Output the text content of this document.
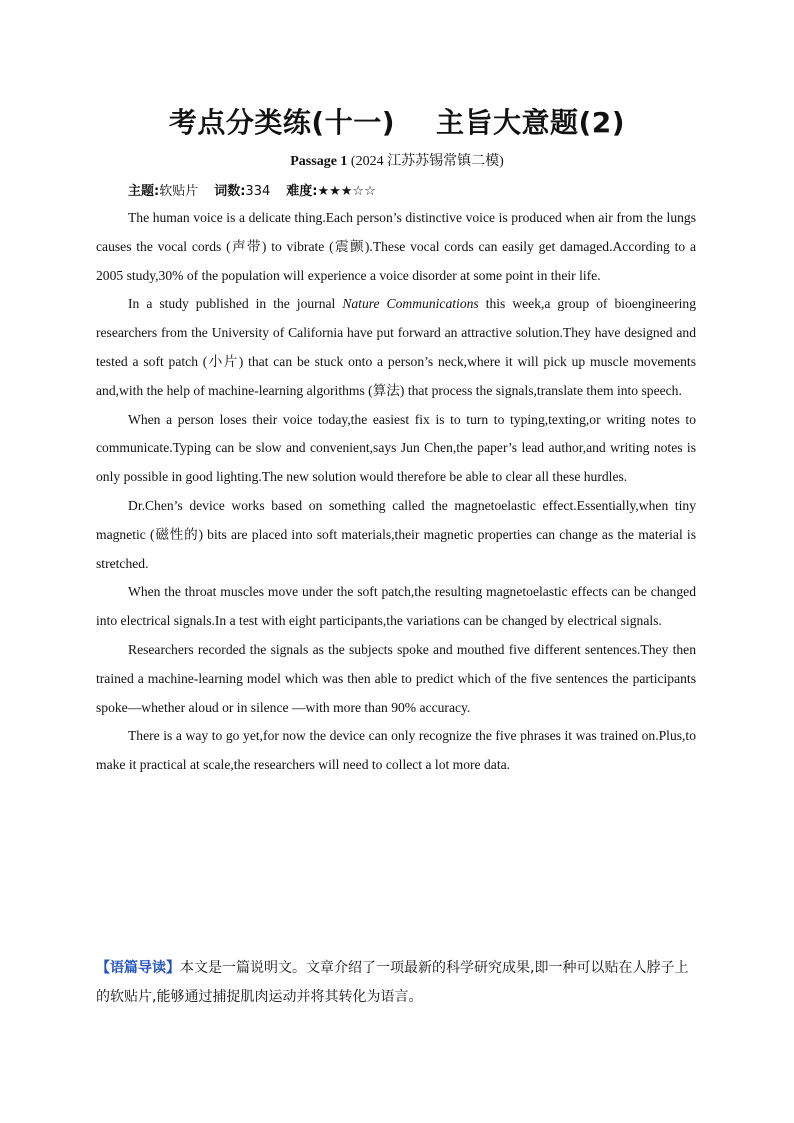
考点分类练(十一)    主旨大意题(2)

Passage 1 (2024 江苏苏锡常镇二模)

主题:软贴片 词数:334 难度:★★★☆☆

The human voice is a delicate thing.Each person’s distinctive voice is produced when air from the lungs causes the vocal cords (声带) to vibrate (震颤).These vocal cords can easily get damaged.According to a 2005 study,30% of the population will experience a voice disorder at some point in their life.

In a study published in the journal Nature Communications this week,a group of bioengineering researchers from the University of California have put forward an attractive solution.They have designed and tested a soft patch (小片) that can be stuck onto a person’s neck,where it will pick up muscle movements and,with the help of machine-learning algorithms (算法) that process the signals,translate them into speech.

When a person loses their voice today,the easiest fix is to turn to typing,texting,or writing notes to communicate.Typing can be slow and convenient,says Jun Chen,the paper’s lead author,and writing notes is only possible in good lighting.The new solution would therefore be able to clear all these hurdles.

Dr.Chen’s device works based on something called the magnetoelastic effect.Essentially,when tiny magnetic (磁性的) bits are placed into soft materials,their magnetic properties can change as the material is stretched.

When the throat muscles move under the soft patch,the resulting magnetoelastic effects can be changed into electrical signals.In a test with eight participants,the variations can be changed by electrical signals.

Researchers recorded the signals as the subjects spoke and mouthed five different sentences.They then trained a machine-learning model which was then able to predict which of the five sentences the participants spoke—whether aloud or in silence —with more than 90% accuracy.

There is a way to go yet,for now the device can only recognize the five phrases it was trained on.Plus,to make it practical at scale,the researchers will need to collect a lot more data.

【语篇导读】本文是一篇说明文。文章介绍了一项最新的科学研究成果,即一种可以贴在人脖子上的软贴片,能够通过捕捉肌肉运动并将其转化为语言。
